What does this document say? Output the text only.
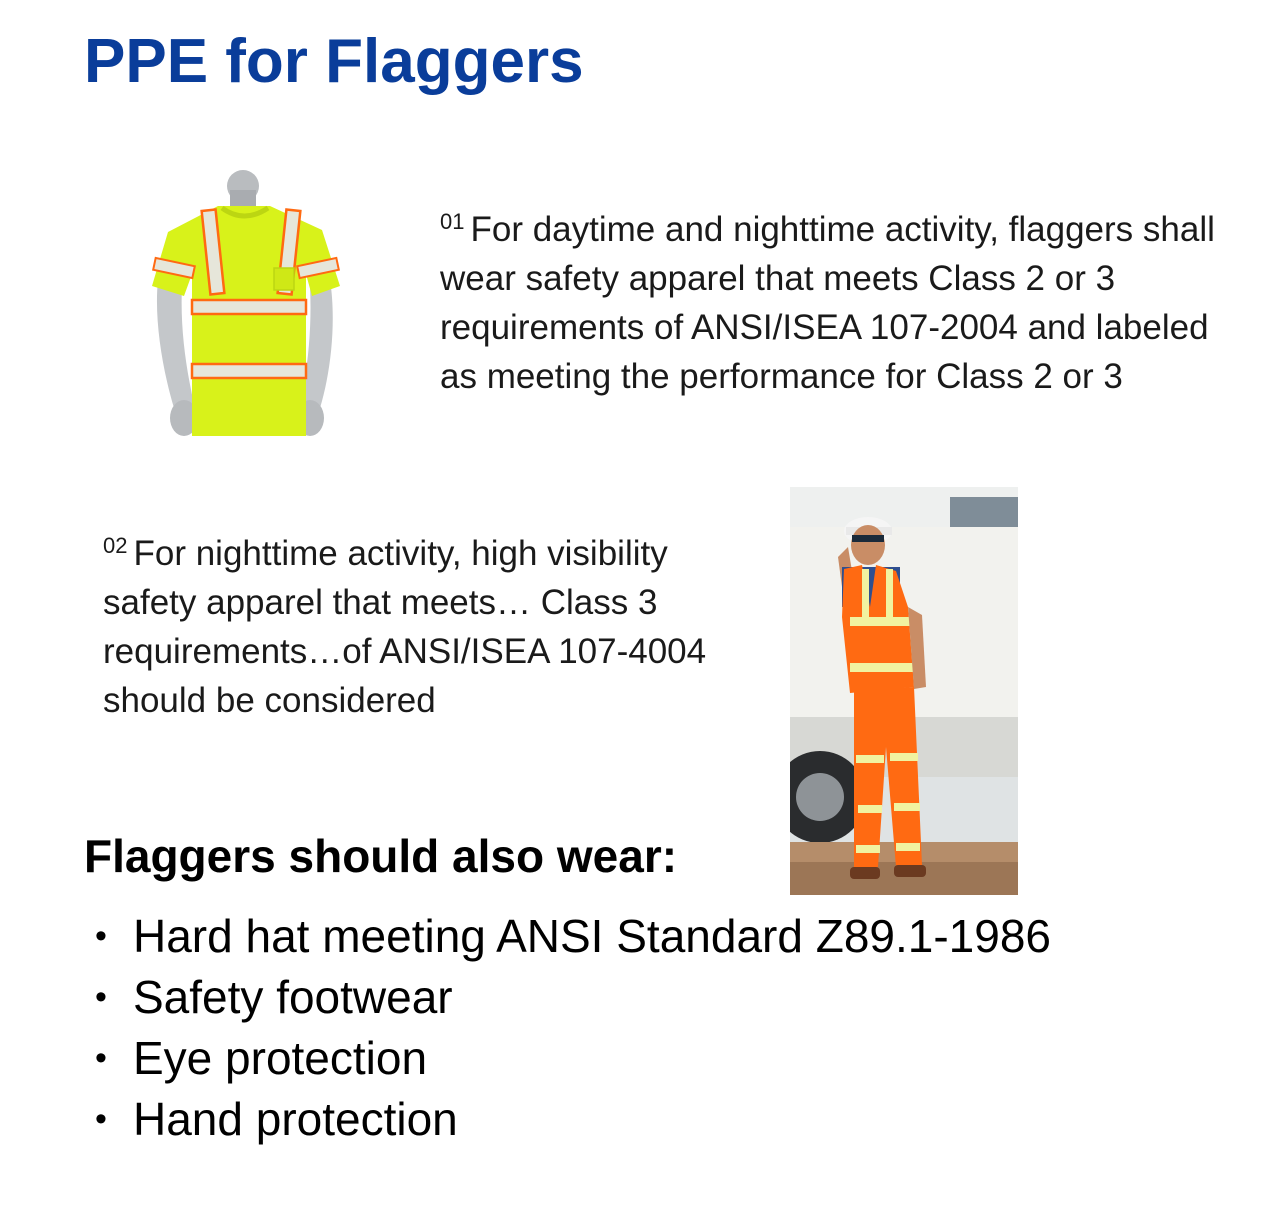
PPE for Flaggers

$^{01}$ For daytime and nighttime activity, flaggers shall wear safety apparel that meets Class 2 or 3 requirements of ANSI/ISEA 107-2004 and labeled as meeting the performance for Class 2 or 3

$^{02}$ For nighttime activity, high visibility safety apparel that meets… Class 3 requirements…of ANSI/ISEA 107-4004 should be considered

Flaggers should also wear:
• Hard hat meeting ANSI Standard Z89.1-1986
• Safety footwear
• Eye protection
• Hand protection
